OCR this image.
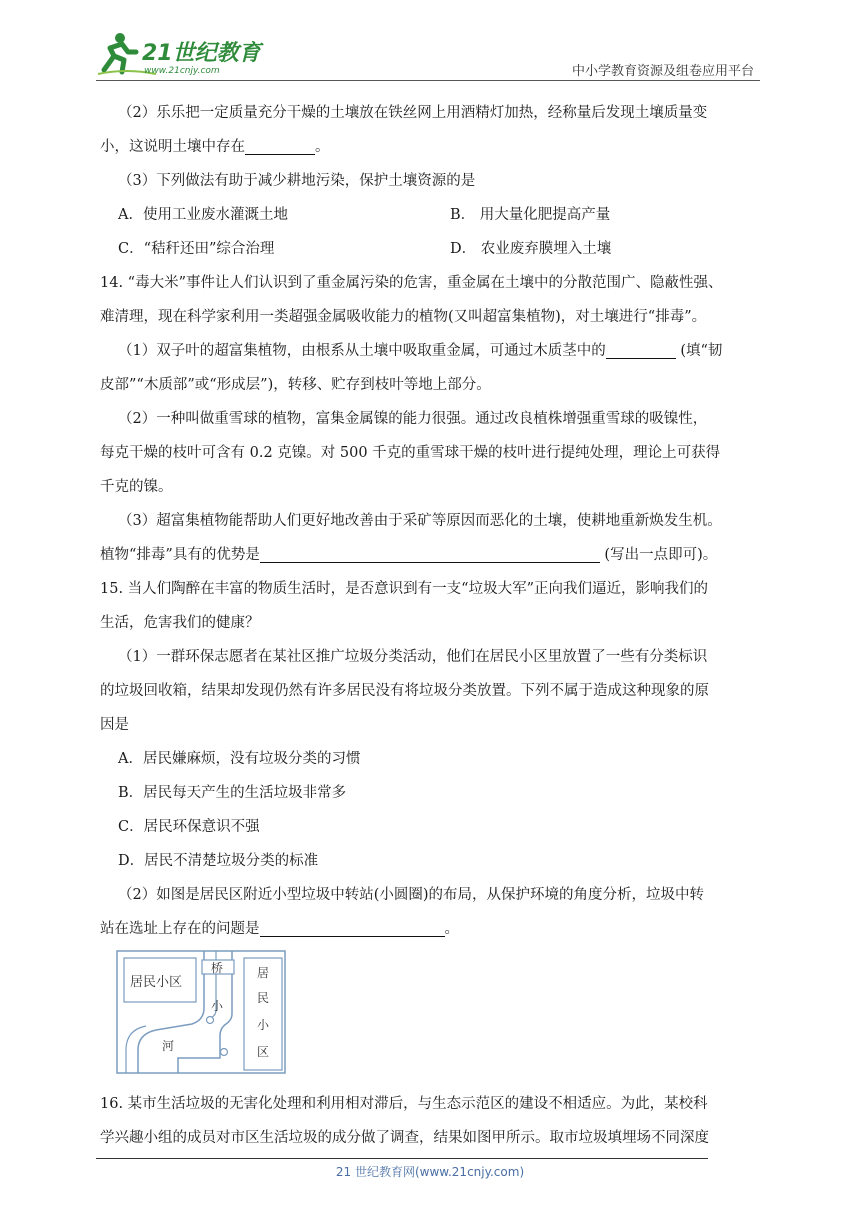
21世纪教育
www.21cnjy.com	中小学教育资源及组卷应用平台

（2）乐乐把一定质量充分干燥的土壤放在铁丝网上用酒精灯加热，经称量后发现土壤质量变

小，这说明土壤中存在	。

（3）下列做法有助于减少耕地污染，保护土壤资源的是

A．使用工业废水灌溉土地	B． 用大量化肥提高产量
C．“秸秆还田”综合治理	D． 农业废弃膜埋入土壤

14. “毒大米”事件让人们认识到了重金属污染的危害，重金属在土壤中的分散范围广、隐蔽性强、

难清理，现在科学家利用一类超强金属吸收能力的植物(又叫超富集植物)，对土壤进行“排毒”。

（1）双子叶的超富集植物，由根系从土壤中吸取重金属，可通过木质茎中的	(填“韧

皮部”“木质部”或“形成层”)，转移、贮存到枝叶等地上部分。

（2）一种叫做重雪球的植物，富集金属镍的能力很强。通过改良植株增强重雪球的吸镍性，

每克干燥的枝叶可含有 0.2 克镍。对 500 千克的重雪球干燥的枝叶进行提纯处理，理论上可获得

千克的镍。

（3）超富集植物能帮助人们更好地改善由于采矿等原因而恶化的土壤，使耕地重新焕发生机。

植物“排毒”具有的优势是	(写出一点即可)。

15. 当人们陶醉在丰富的物质生活时，是否意识到有一支“垃圾大军”正向我们逼近，影响我们的

生活，危害我们的健康？

（1）一群环保志愿者在某社区推广垃圾分类活动，他们在居民小区里放置了一些有分类标识

的垃圾回收箱，结果却发现仍然有许多居民没有将垃圾分类放置。下列不属于造成这种现象的原

因是

A．居民嫌麻烦，没有垃圾分类的习惯

B．居民每天产生的生活垃圾非常多

C．居民环保意识不强

D．居民不清楚垃圾分类的标准

（2）如图是居民区附近小型垃圾中转站(小圆圈)的布局，从保护环境的角度分析，垃圾中转

站在选址上存在的问题是	。

居民小区
桥
小
河
居
民
小
区

16. 某市生活垃圾的无害化处理和利用相对滞后，与生态示范区的建设不相适应。为此，某校科

学兴趣小组的成员对市区生活垃圾的成分做了调查，结果如图甲所示。取市垃圾填埋场不同深度

21 世纪教育网(www.21cnjy.com)
